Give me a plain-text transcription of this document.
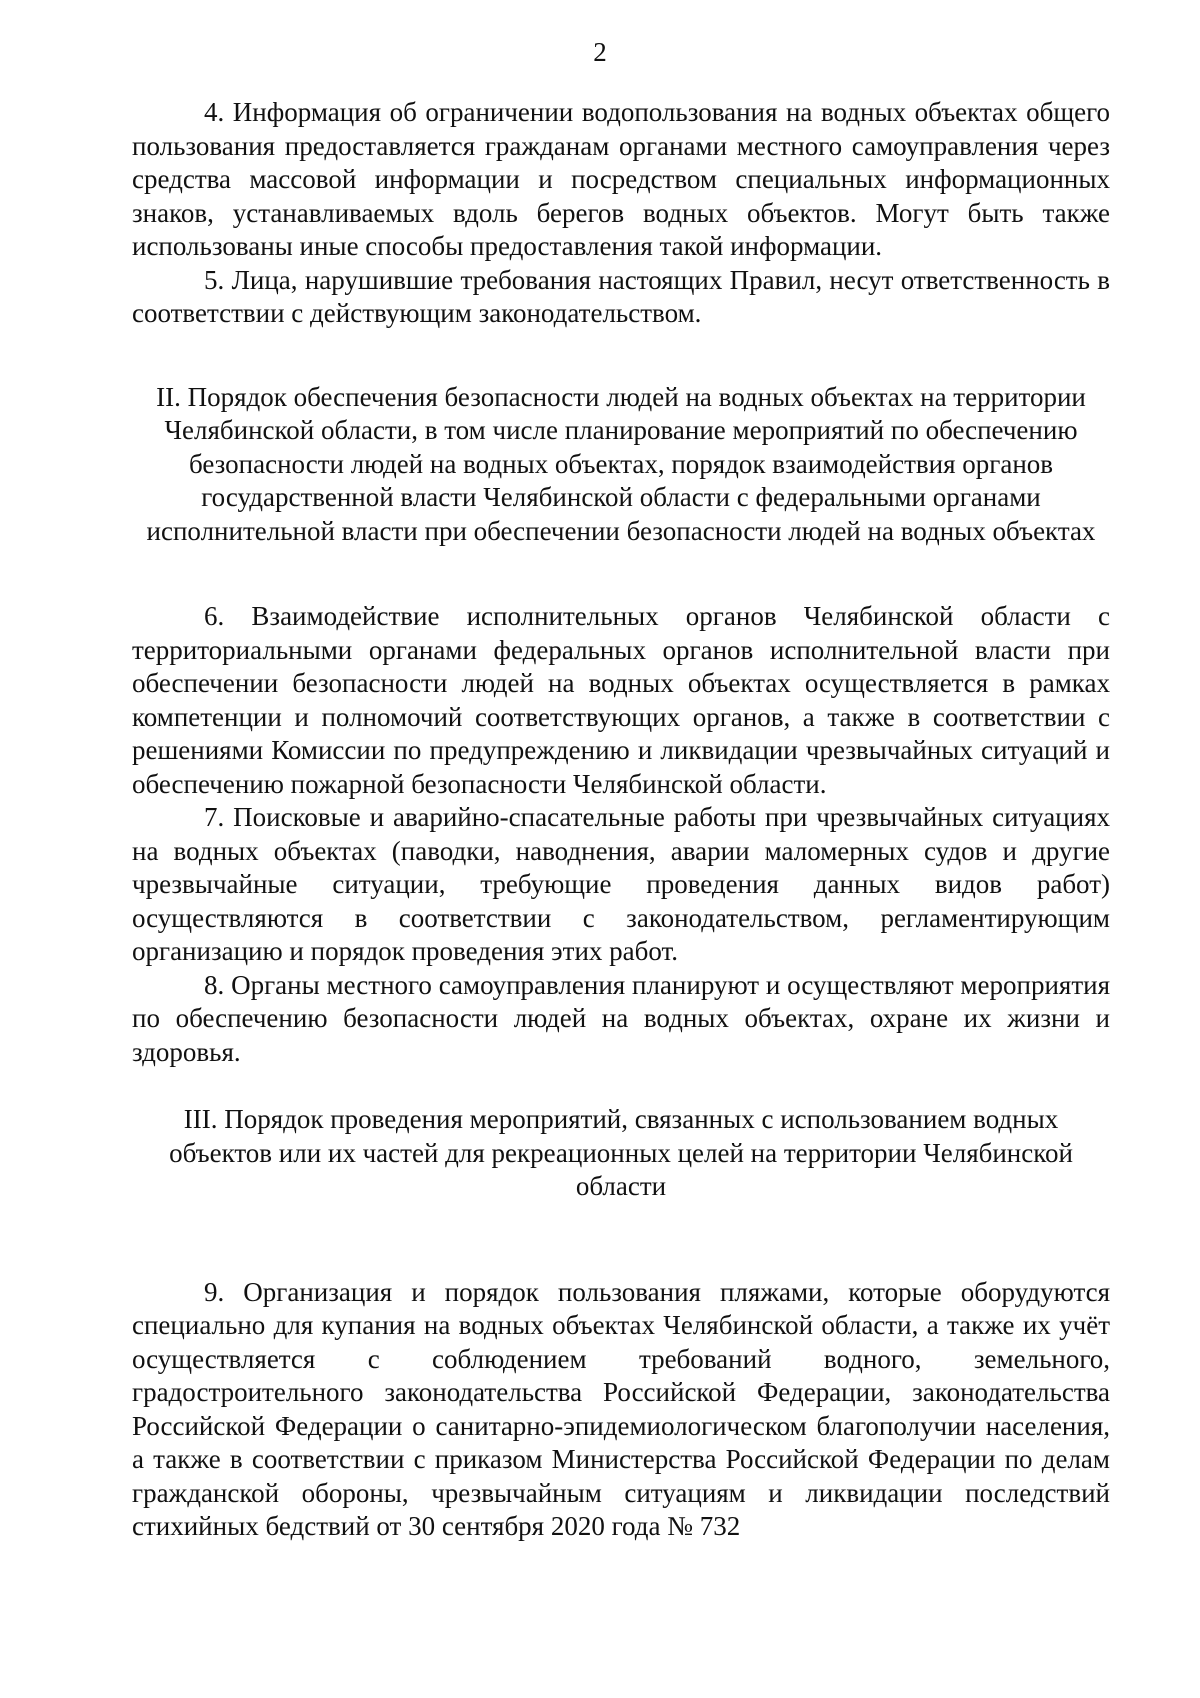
2

4. Информация об ограничении водопользования на водных объектах общего пользования предоставляется гражданам органами местного самоуправления через средства массовой информации и посредством специальных информационных знаков, устанавливаемых вдоль берегов водных объектов. Могут быть также использованы иные способы предоставления такой информации.

5. Лица, нарушившие требования настоящих Правил, несут ответственность в соответствии с действующим законодательством.

II. Порядок обеспечения безопасности людей на водных объектах на территории Челябинской области, в том числе планирование мероприятий по обеспечению безопасности людей на водных объектах, порядок взаимодействия органов государственной власти Челябинской области с федеральными органами исполнительной власти при обеспечении безопасности людей на водных объектах

6. Взаимодействие исполнительных органов Челябинской области с территориальными органами федеральных органов исполнительной власти при обеспечении безопасности людей на водных объектах осуществляется в рамках компетенции и полномочий соответствующих органов, а также в соответствии с решениями Комиссии по предупреждению и ликвидации чрезвычайных ситуаций и обеспечению пожарной безопасности Челябинской области.

7. Поисковые и аварийно-спасательные работы при чрезвычайных ситуациях на водных объектах (паводки, наводнения, аварии маломерных судов и другие чрезвычайные ситуации, требующие проведения данных видов работ) осуществляются в соответствии с законодательством, регламентирующим организацию и порядок проведения этих работ.

8. Органы местного самоуправления планируют и осуществляют мероприятия по обеспечению безопасности людей на водных объектах, охране их жизни и здоровья.

III. Порядок проведения мероприятий, связанных с использованием водных объектов или их частей для рекреационных целей на территории Челябинской области

9. Организация и порядок пользования пляжами, которые оборудуются специально для купания на водных объектах Челябинской области, а также их учёт осуществляется с соблюдением требований водного, земельного, градостроительного законодательства Российской Федерации, законодательства Российской Федерации о санитарно-эпидемиологическом благополучии населения, а также в соответствии с приказом Министерства Российской Федерации по делам гражданской обороны, чрезвычайным ситуациям и ликвидации последствий стихийных бедствий от 30 сентября 2020 года № 732
